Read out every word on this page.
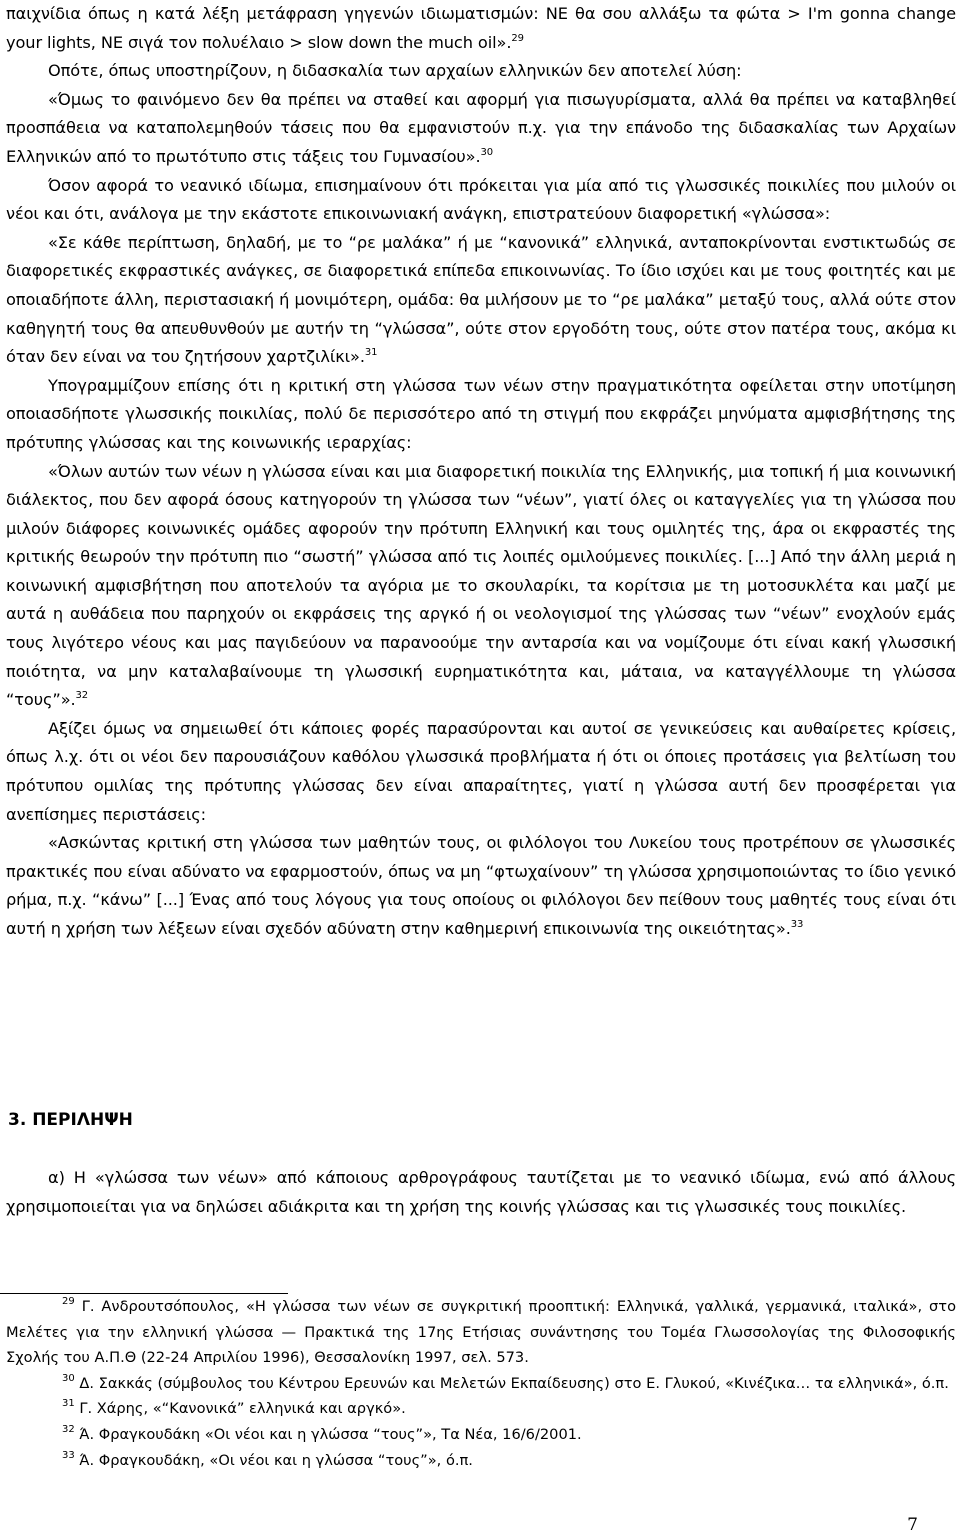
παιχνίδια όπως η κατά λέξη μετάφραση γηγενών ιδιωματισμών: ΝΕ θα σου αλλάξω τα φώτα > I'm gonna change your lights, ΝΕ σιγά τον πολυέλαιο > slow down the much oil».$^{29}$

Οπότε, όπως υποστηρίζουν, η διδασκαλία των αρχαίων ελληνικών δεν αποτελεί λύση:

«Όμως το φαινόμενο δεν θα πρέπει να σταθεί και αφορμή για πισωγυρίσματα, αλλά θα πρέπει να καταβληθεί προσπάθεια να καταπολεμηθούν τάσεις που θα εμφανιστούν π.χ. για την επάνοδο της διδασκαλίας των Αρχαίων Ελληνικών από το πρωτότυπο στις τάξεις του Γυμνασίου».$^{30}$

Όσον αφορά το νεανικό ιδίωμα, επισημαίνουν ότι πρόκειται για μία από τις γλωσσικές ποικιλίες που μιλούν οι νέοι και ότι, ανάλογα με την εκάστοτε επικοινωνιακή ανάγκη, επιστρατεύουν διαφορετική «γλώσσα»:

«Σε κάθε περίπτωση, δηλαδή, με το “ρε μαλάκα” ή με “κανονικά” ελληνικά, ανταποκρίνονται ενστικτωδώς σε διαφορετικές εκφραστικές ανάγκες, σε διαφορετικά επίπεδα επικοινωνίας. Το ίδιο ισχύει και με τους φοιτητές και με οποιαδήποτε άλλη, περιστασιακή ή μονιμότερη, ομάδα: θα μιλήσουν με το “ρε μαλάκα” μεταξύ τους, αλλά ούτε στον καθηγητή τους θα απευθυνθούν με αυτήν τη “γλώσσα”, ούτε στον εργοδότη τους, ούτε στον πατέρα τους, ακόμα κι όταν δεν είναι να του ζητήσουν χαρτζιλίκι».$^{31}$

Υπογραμμίζουν επίσης ότι η κριτική στη γλώσσα των νέων στην πραγματικότητα οφείλεται στην υποτίμηση οποιασδήποτε γλωσσικής ποικιλίας, πολύ δε περισσότερο από τη στιγμή που εκφράζει μηνύματα αμφισβήτησης της πρότυπης γλώσσας και της κοινωνικής ιεραρχίας:

«Όλων αυτών των νέων η γλώσσα είναι και μια διαφορετική ποικιλία της Ελληνικής, μια τοπική ή μια κοινωνική διάλεκτος, που δεν αφορά όσους κατηγορούν τη γλώσσα των “νέων”, γιατί όλες οι καταγγελίες για τη γλώσσα που μιλούν διάφορες κοινωνικές ομάδες αφορούν την πρότυπη Ελληνική και τους ομιλητές της, άρα οι εκφραστές της κριτικής θεωρούν την πρότυπη πιο “σωστή” γλώσσα από τις λοιπές ομιλούμενες ποικιλίες. [...] Από την άλλη μεριά η κοινωνική αμφισβήτηση που αποτελούν τα αγόρια με το σκουλαρίκι, τα κορίτσια με τη μοτοσυκλέτα και μαζί με αυτά η αυθάδεια που παρηχούν οι εκφράσεις της αργκό ή οι νεολογισμοί της γλώσσας των “νέων” ενοχλούν εμάς τους λιγότερο νέους και μας παγιδεύουν να παρανοούμε την ανταρσία και να νομίζουμε ότι είναι κακή γλωσσική ποιότητα, να μην καταλαβαίνουμε τη γλωσσική ευρηματικότητα και, μάταια, να καταγγέλλουμε τη γλώσσα “τους”».$^{32}$

Αξίζει όμως να σημειωθεί ότι κάποιες φορές παρασύρονται και αυτοί σε γενικεύσεις και αυθαίρετες κρίσεις, όπως λ.χ. ότι οι νέοι δεν παρουσιάζουν καθόλου γλωσσικά προβλήματα ή ότι οι όποιες προτάσεις για βελτίωση του πρότυπου ομιλίας της πρότυπης γλώσσας δεν είναι απαραίτητες, γιατί η γλώσσα αυτή δεν προσφέρεται για ανεπίσημες περιστάσεις:

«Ασκώντας κριτική στη γλώσσα των μαθητών τους, οι φιλόλογοι του Λυκείου τους προτρέπουν σε γλωσσικές πρακτικές που είναι αδύνατο να εφαρμοστούν, όπως να μη “φτωχαίνουν” τη γλώσσα χρησιμοποιώντας το ίδιο γενικό ρήμα, π.χ. “κάνω” [...] Ένας από τους λόγους για τους οποίους οι φιλόλογοι δεν πείθουν τους μαθητές τους είναι ότι αυτή η χρήση των λέξεων είναι σχεδόν αδύνατη στην καθημερινή επικοινωνία της οικειότητας».$^{33}$

3. ΠΕΡΙΛΗΨΗ

α) Η «γλώσσα των νέων» από κάποιους αρθρογράφους ταυτίζεται με το νεανικό ιδίωμα, ενώ από άλλους χρησιμοποιείται για να δηλώσει αδιάκριτα και τη χρήση της κοινής γλώσσας και τις γλωσσικές τους ποικιλίες.

$^{29}$ Γ. Ανδρουτσόπουλος, «Η γλώσσα των νέων σε συγκριτική προοπτική: Ελληνικά, γαλλικά, γερμανικά, ιταλικά», στο Μελέτες για την ελληνική γλώσσα — Πρακτικά της 17ης Ετήσιας συνάντησης του Τομέα Γλωσσολογίας της Φιλοσοφικής Σχολής του Α.Π.Θ (22-24 Απριλίου 1996), Θεσσαλονίκη 1997, σελ. 573.

$^{30}$ Δ. Σακκάς (σύμβουλος του Κέντρου Ερευνών και Μελετών Εκπαίδευσης) στο Ε. Γλυκού, «Κινέζικα… τα ελληνικά», ό.π.

$^{31}$ Γ. Χάρης, «“Κανονικά” ελληνικά και αργκό».

$^{32}$ Ά. Φραγκουδάκη «Οι νέοι και η γλώσσα “τους”», Τα Νέα, 16/6/2001.

$^{33}$ Ά. Φραγκουδάκη, «Οι νέοι και η γλώσσα “τους”», ό.π.

7
